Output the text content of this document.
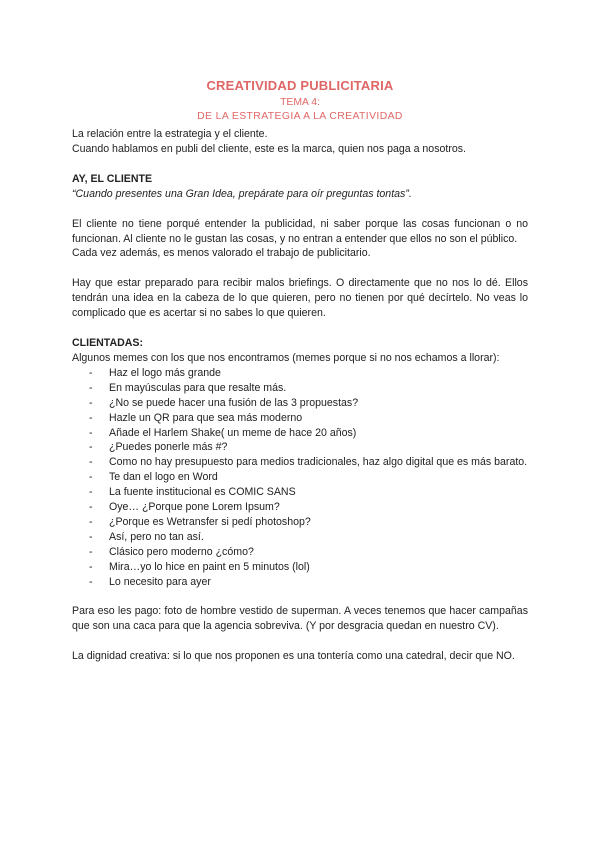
CREATIVIDAD PUBLICITARIA
TEMA 4:
DE LA ESTRATEGIA A LA CREATIVIDAD

La relación entre la estrategia y el cliente.

Cuando hablamos en publi del cliente, este es la marca, quien nos paga a nosotros.

AY, EL CLIENTE

“Cuando presentes una Gran Idea, prepárate para oír preguntas tontas”.

El cliente no tiene porqué entender la publicidad, ni saber porque las cosas funcionan o no funcionan. Al cliente no le gustan las cosas, y no entran a entender que ellos no son el público.

Cada vez además, es menos valorado el trabajo de publicitario.

Hay que estar preparado para recibir malos briefings. O directamente que no nos lo dé. Ellos tendrán una idea en la cabeza de lo que quieren, pero no tienen por qué decírtelo. No veas lo complicado que es acertar si no sabes lo que quieren.

CLIENTADAS:

Algunos memes con los que nos encontramos (memes porque si no nos echamos a llorar):

- Haz el logo más grande
- En mayúsculas para que resalte más.
- ¿No se puede hacer una fusión de las 3 propuestas?
- Hazle un QR para que sea más moderno
- Añade el Harlem Shake( un meme de hace 20 años)
- ¿Puedes ponerle más #?
- Como no hay presupuesto para medios tradicionales, haz algo digital que es más barato.
- Te dan el logo en Word
- La fuente institucional es COMIC SANS
- Oye… ¿Porque pone Lorem Ipsum?
- ¿Porque es Wetransfer si pedí photoshop?
- Así, pero no tan así.
- Clásico pero moderno ¿cómo?
- Mira…yo lo hice en paint en 5 minutos (lol)
- Lo necesito para ayer

Para eso les pago: foto de hombre vestido de superman. A veces tenemos que hacer campañas que son una caca para que la agencia sobreviva. (Y por desgracia quedan en nuestro CV).

La dignidad creativa: si lo que nos proponen es una tontería como una catedral, decir que NO.
